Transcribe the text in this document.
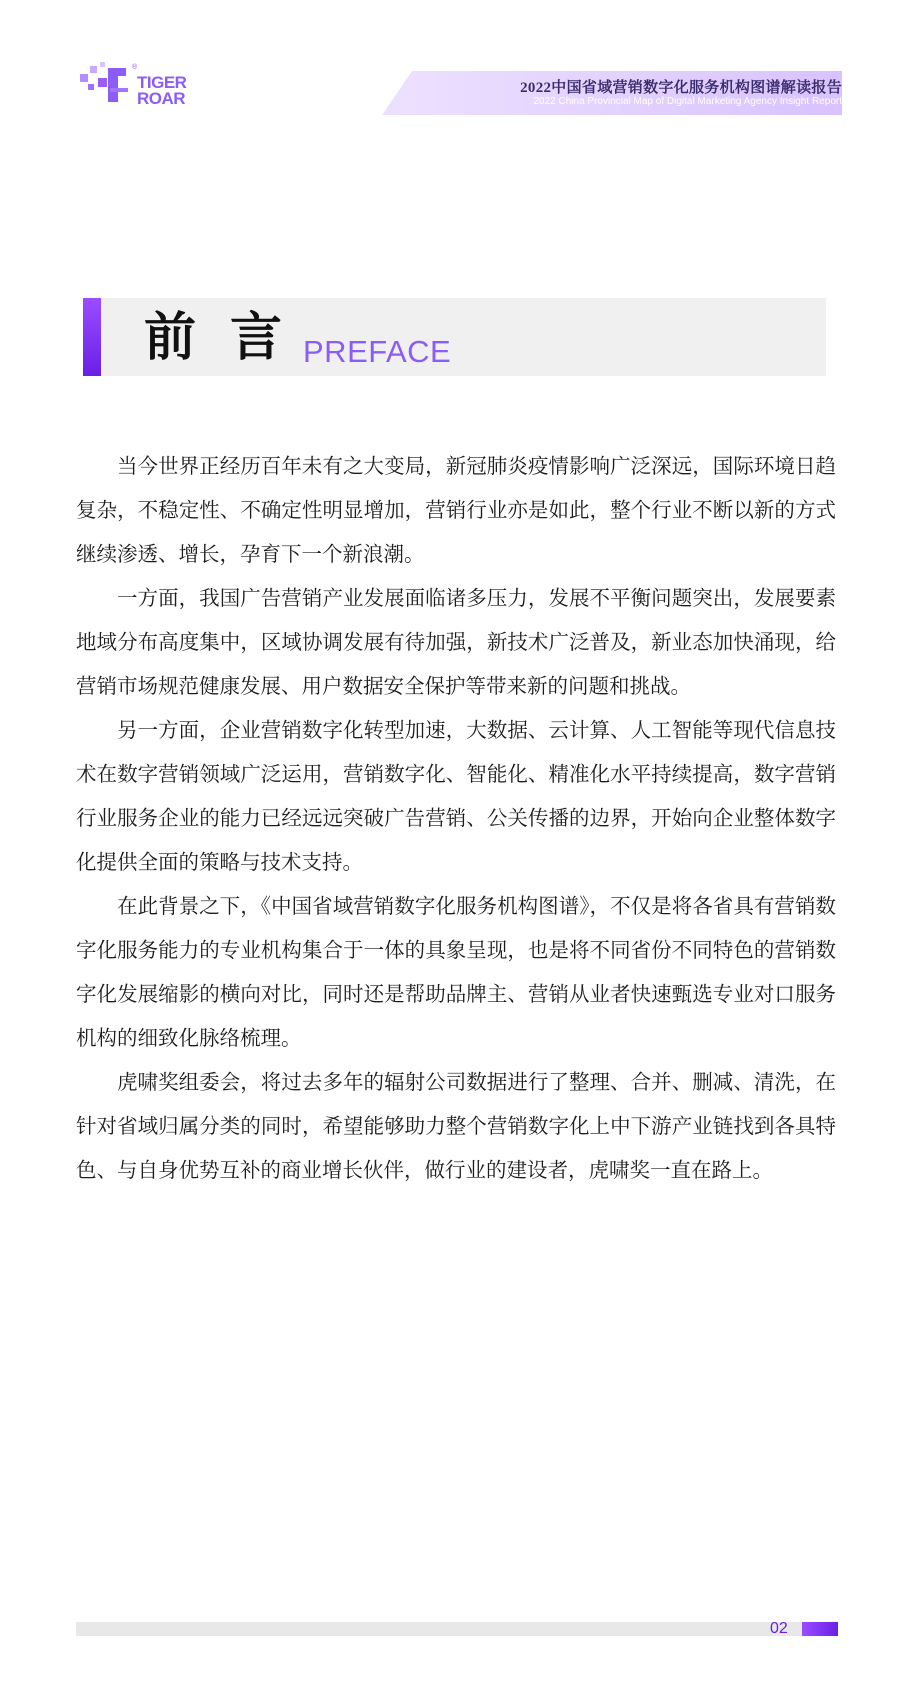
®
TIGER
ROAR
2022中国省域营销数字化服务机构图谱解读报告
2022 China Provincial Map of Digital Marketing Agency Insight Report
前言
PREFACE

当今世界正经历百年未有之大变局，新冠肺炎疫情影响广泛深远，国际环境日趋复杂，不稳定性、不确定性明显增加，营销行业亦是如此，整个行业不断以新的方式继续渗透、增长，孕育下一个新浪潮。

一方面，我国广告营销产业发展面临诸多压力，发展不平衡问题突出，发展要素地域分布高度集中，区域协调发展有待加强，新技术广泛普及，新业态加快涌现，给营销市场规范健康发展、用户数据安全保护等带来新的问题和挑战。

另一方面，企业营销数字化转型加速，大数据、云计算、人工智能等现代信息技术在数字营销领域广泛运用，营销数字化、智能化、精准化水平持续提高，数字营销行业服务企业的能力已经远远突破广告营销、公关传播的边界，开始向企业整体数字化提供全面的策略与技术支持。

在此背景之下，《中国省域营销数字化服务机构图谱》，不仅是将各省具有营销数字化服务能力的专业机构集合于一体的具象呈现，也是将不同省份不同特色的营销数字化发展缩影的横向对比，同时还是帮助品牌主、营销从业者快速甄选专业对口服务机构的细致化脉络梳理。

虎啸奖组委会，将过去多年的辐射公司数据进行了整理、合并、删减、清洗，在针对省域归属分类的同时，希望能够助力整个营销数字化上中下游产业链找到各具特色、与自身优势互补的商业增长伙伴，做行业的建设者，虎啸奖一直在路上。

02
